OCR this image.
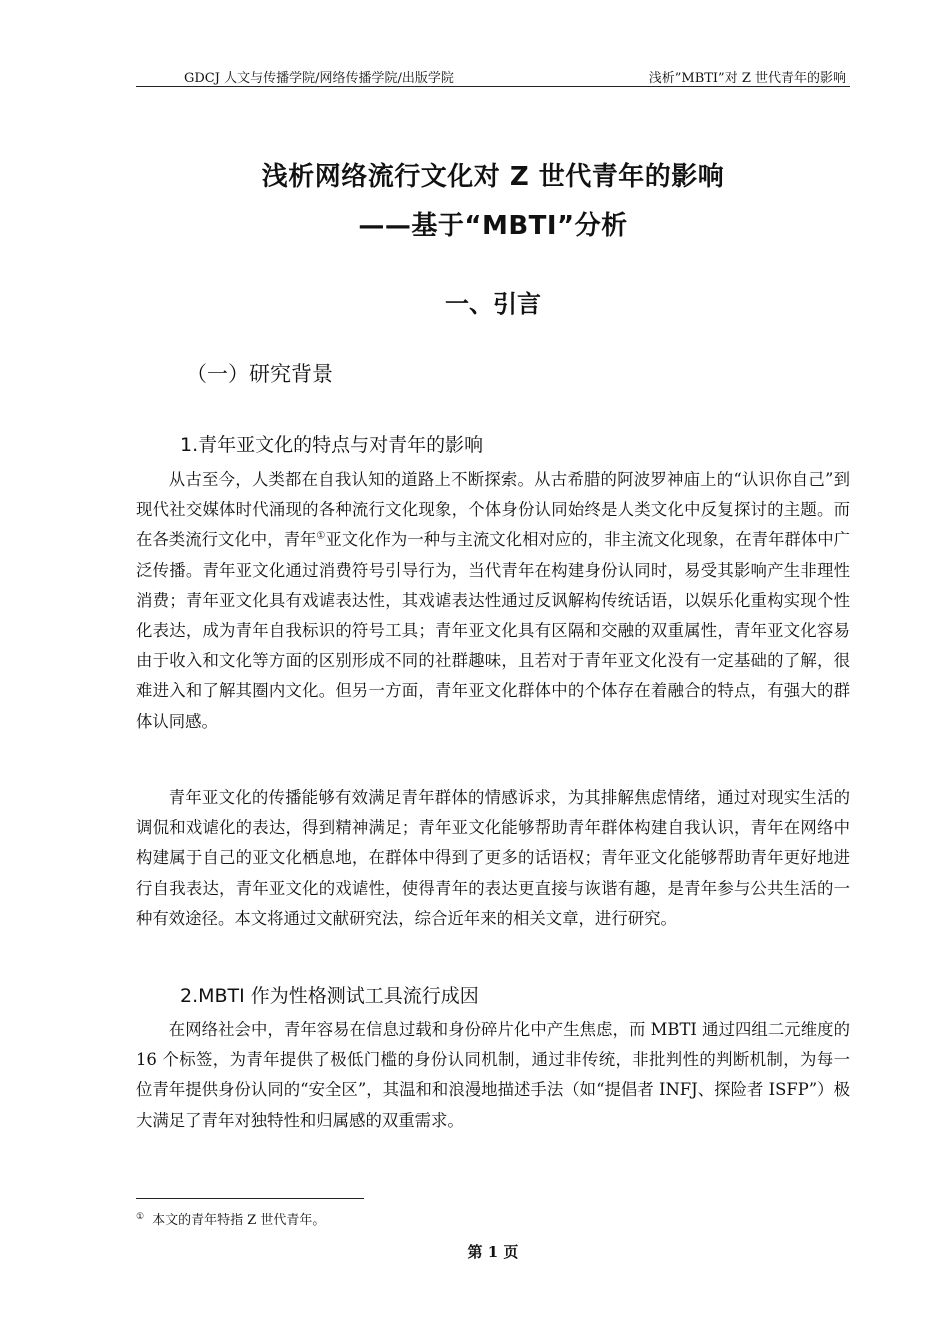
GDCJ 人文与传播学院/网络传播学院/出版学院	浅析”MBTI”对 Z 世代青年的影响
浅析网络流行文化对 Z 世代青年的影响
——基于“MBTI”分析
一、引言
（一）研究背景
1.青年亚文化的特点与对青年的影响

从古至今，人类都在自我认知的道路上不断探索。从古希腊的阿波罗神庙上的“认识你自己”到现代社交媒体时代涌现的各种流行文化现象，个体身份认同始终是人类文化中反复探讨的主题。而在各类流行文化中，青年①亚文化作为一种与主流文化相对应的，非主流文化现象，在青年群体中广泛传播。青年亚文化通过消费符号引导行为，当代青年在构建身份认同时，易受其影响产生非理性消费；青年亚文化具有戏谑表达性，其戏谑表达性通过反讽解构传统话语，以娱乐化重构实现个性化表达，成为青年自我标识的符号工具；青年亚文化具有区隔和交融的双重属性，青年亚文化容易由于收入和文化等方面的区别形成不同的社群趣味，且若对于青年亚文化没有一定基础的了解，很难进入和了解其圈内文化。但另一方面，青年亚文化群体中的个体存在着融合的特点，有强大的群体认同感。

青年亚文化的传播能够有效满足青年群体的情感诉求，为其排解焦虑情绪，通过对现实生活的调侃和戏谑化的表达，得到精神满足；青年亚文化能够帮助青年群体构建自我认识，青年在网络中构建属于自己的亚文化栖息地，在群体中得到了更多的话语权；青年亚文化能够帮助青年更好地进行自我表达，青年亚文化的戏谑性，使得青年的表达更直接与诙谐有趣，是青年参与公共生活的一种有效途径。本文将通过文献研究法，综合近年来的相关文章，进行研究。

2.MBTI 作为性格测试工具流行成因

在网络社会中，青年容易在信息过载和身份碎片化中产生焦虑，而 MBTI 通过四组二元维度的 16 个标签，为青年提供了极低门槛的身份认同机制，通过非传统，非批判性的判断机制，为每一位青年提供身份认同的“安全区”，其温和和浪漫地描述手法（如“提倡者 INFJ、探险者 ISFP”）极大满足了青年对独特性和归属感的双重需求。

① 本文的青年特指 Z 世代青年。
第 1 页
